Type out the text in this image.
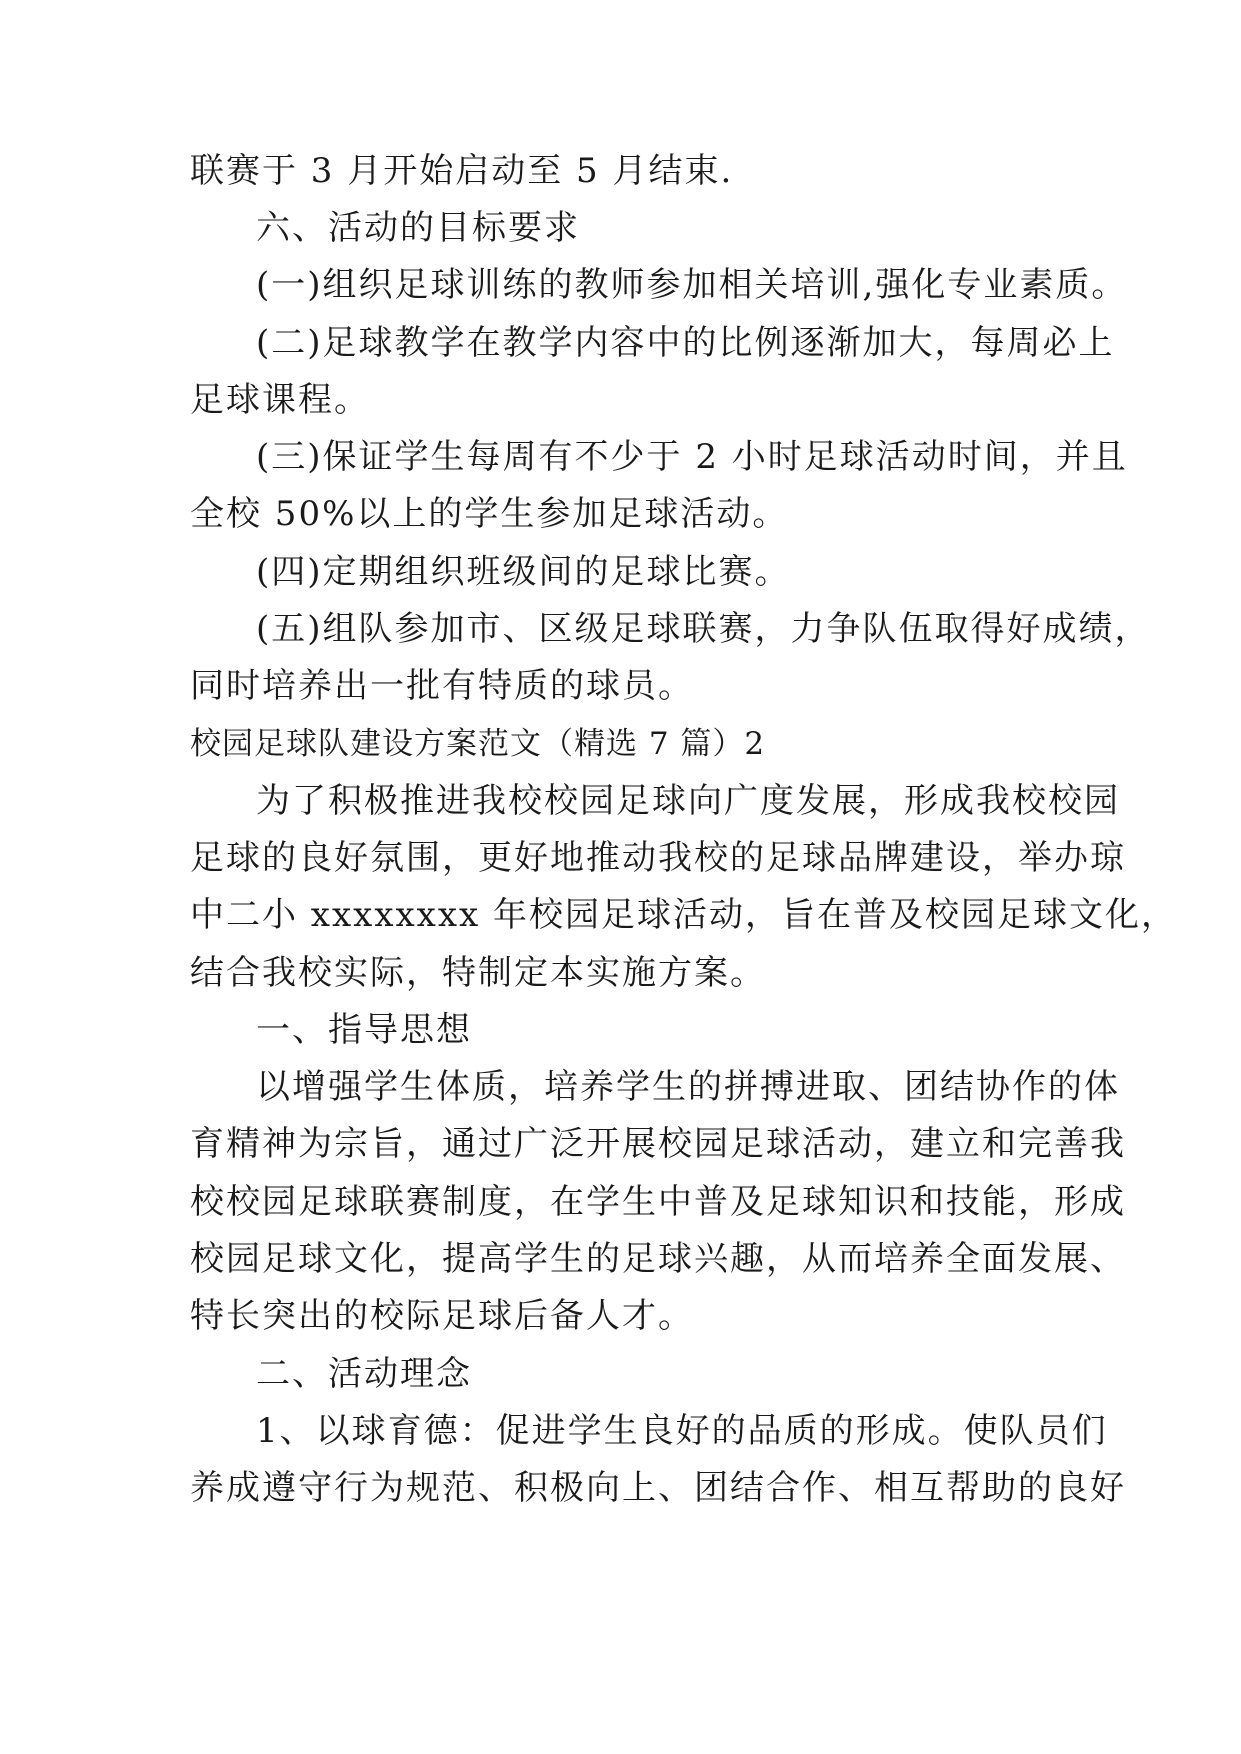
联赛于 3 月开始启动至 5 月结束.
六、活动的目标要求
(一)组织足球训练的教师参加相关培训,强化专业素质。
(二)足球教学在教学内容中的比例逐渐加大，每周必上
足球课程。
(三)保证学生每周有不少于 2 小时足球活动时间，并且
全校 50%以上的学生参加足球活动。
(四)定期组织班级间的足球比赛。
(五)组队参加市、区级足球联赛，力争队伍取得好成绩，
同时培养出一批有特质的球员。
校园足球队建设方案范文（精选 7 篇）2
为了积极推进我校校园足球向广度发展，形成我校校园
足球的良好氛围，更好地推动我校的足球品牌建设，举办琼
中二小 xxxxxxxx 年校园足球活动，旨在普及校园足球文化，
结合我校实际，特制定本实施方案。
一、指导思想
以增强学生体质，培养学生的拼搏进取、团结协作的体
育精神为宗旨，通过广泛开展校园足球活动，建立和完善我
校校园足球联赛制度，在学生中普及足球知识和技能，形成
校园足球文化，提高学生的足球兴趣，从而培养全面发展、
特长突出的校际足球后备人才。
二、活动理念
1、以球育德：促进学生良好的品质的形成。使队员们
养成遵守行为规范、积极向上、团结合作、相互帮助的良好
